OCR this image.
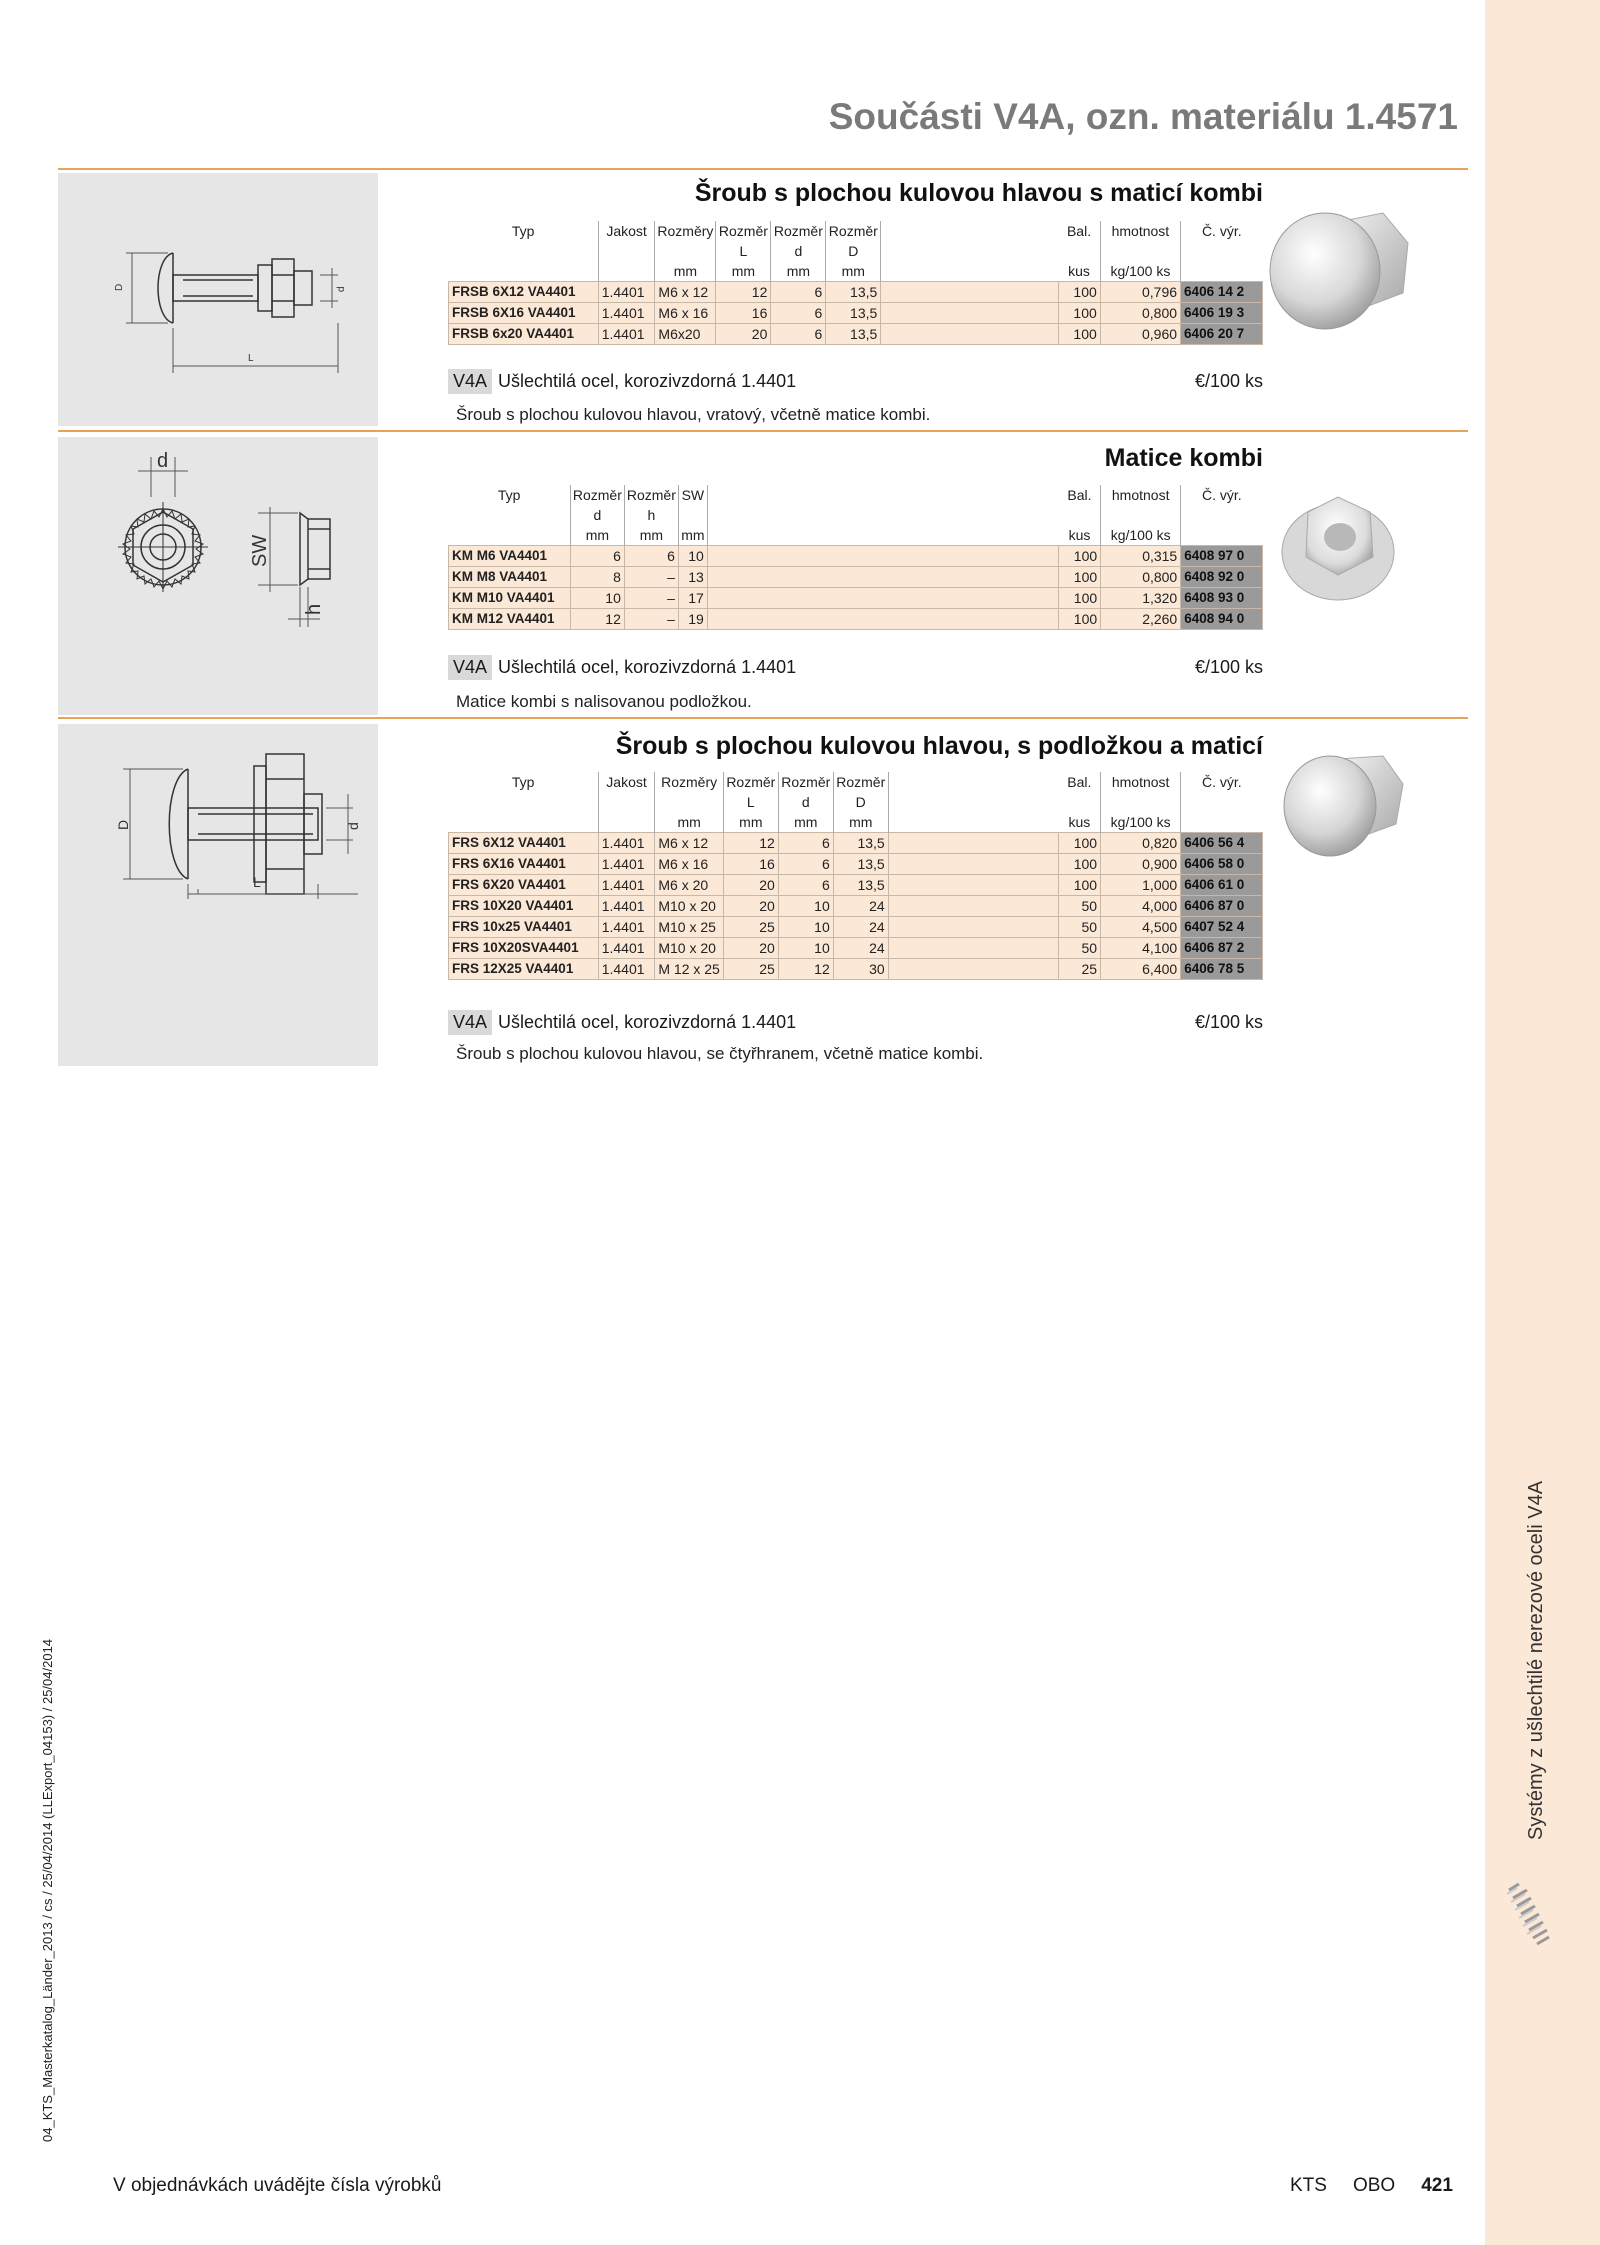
Systémy z ušlechtilé nerezové oceli V4A
04_KTS_Masterkatalog_Länder_2013 / cs / 25/04/2014 (LLExport_04153) / 25/04/2014
Součásti V4A, ozn. materiálu 1.4571
D	d
L
Šroub s plochou kulovou hlavou s maticí kombi
Typ	Jakost	Rozměry	Rozměr L	Rozměr d	Rozměr D		Bal.	hmotnost	Č. výr.
		mm	mm	mm	mm		kus	kg/100 ks	
FRSB 6X12 VA4401	1.4401	M6 x 12	12	6	13,5		100	0,796	6406 14 2
FRSB 6X16 VA4401	1.4401	M6 x 16	16	6	13,5		100	0,800	6406 19 3
FRSB 6x20 VA4401	1.4401	M6x20	20	6	13,5		100	0,960	6406 20 7
V4A Ušlechtilá ocel, korozivzdorná 1.4401	€/100 ks
Šroub s plochou kulovou hlavou, vratový, včetně matice kombi.
d
SW
h
Matice kombi
Typ	Rozměr d	Rozměr h	SW		Bal.	hmotnost	Č. výr.
	mm	mm	mm		kus	kg/100 ks	
KM M6 VA4401	6	6	10		100	0,315	6408 97 0
KM M8 VA4401	8	–	13		100	0,800	6408 92 0
KM M10 VA4401	10	–	17		100	1,320	6408 93 0
KM M12 VA4401	12	–	19		100	2,260	6408 94 0
V4A Ušlechtilá ocel, korozivzdorná 1.4401	€/100 ks
Matice kombi s nalisovanou podložkou.
D	d
L
Šroub s plochou kulovou hlavou, s podložkou a maticí
Typ	Jakost	Rozměry	Rozměr L	Rozměr d	Rozměr D		Bal.	hmotnost	Č. výr.
		mm	mm	mm	mm		kus	kg/100 ks	
FRS 6X12 VA4401	1.4401	M6 x 12	12	6	13,5		100	0,820	6406 56 4
FRS 6X16 VA4401	1.4401	M6 x 16	16	6	13,5		100	0,900	6406 58 0
FRS 6X20 VA4401	1.4401	M6 x 20	20	6	13,5		100	1,000	6406 61 0
FRS 10X20 VA4401	1.4401	M10 x 20	20	10	24		50	4,000	6406 87 0
FRS 10x25 VA4401	1.4401	M10 x 25	25	10	24		50	4,500	6407 52 4
FRS 10X20SVA4401	1.4401	M10 x 20	20	10	24		50	4,100	6406 87 2
FRS 12X25 VA4401	1.4401	M 12 x 25	25	12	30		25	6,400	6406 78 5
V4A Ušlechtilá ocel, korozivzdorná 1.4401	€/100 ks
Šroub s plochou kulovou hlavou, se čtyřhranem, včetně matice kombi.
V objednávkách uvádějte čísla výrobků	KTS OBO 421
